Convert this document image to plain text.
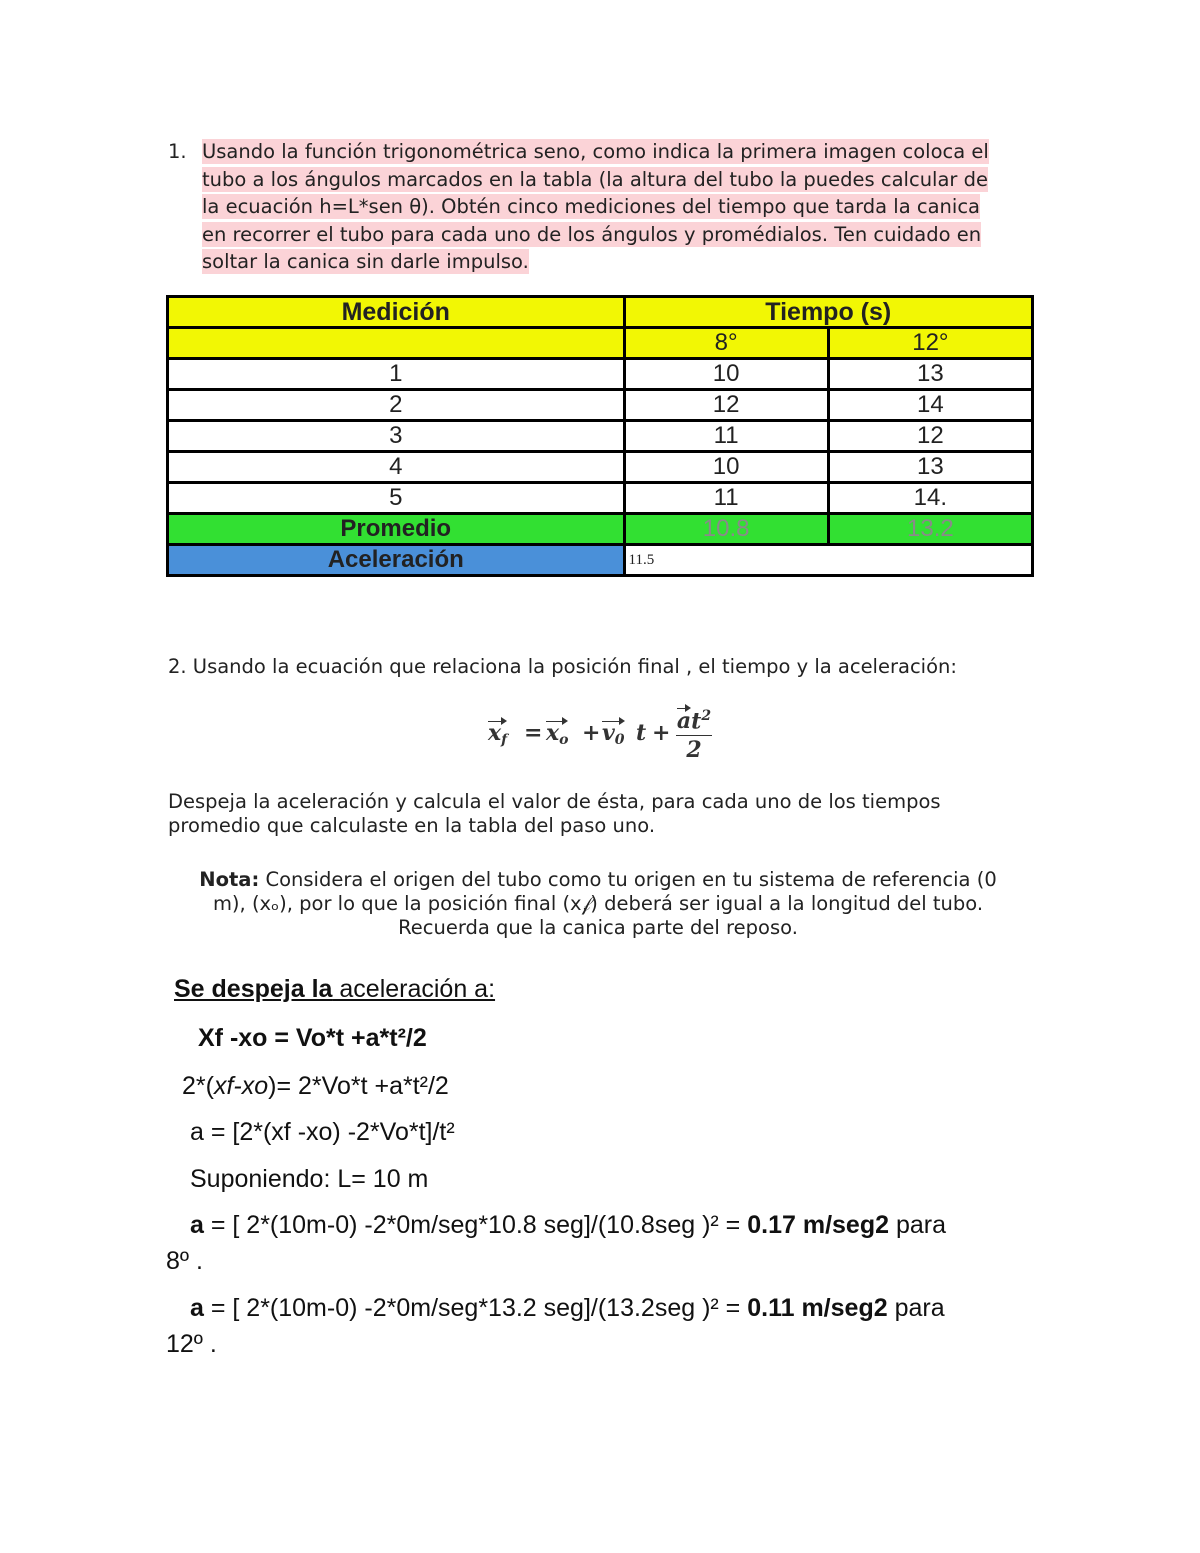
1. Usando la función trigonométrica seno, como indica la primera imagen coloca el
tubo a los ángulos marcados en la tabla (la altura del tubo la puedes calcular de
la ecuación h=L*sen θ). Obtén cinco mediciones del tiempo que tarda la canica
en recorrer el tubo para cada uno de los ángulos y promédialos. Ten cuidado en
soltar la canica sin darle impulso.
Medición	Tiempo (s)	
	8°	12°
1	10	13
2	12	14
3	11	12
4	10	13
5	11	14.
Promedio	10.8	13.2
Aceleración	11.5	
2. Usando la ecuación que relaciona la posición final , el tiempo y la aceleración:
$x_f = x_o + v_0$ $t + \frac{at^2}{2}$
Despeja la aceleración y calcula el valor de ésta, para cada uno de los tiempos
promedio que calculaste en la tabla del paso uno.
Nota: Considera el origen del tubo como tu origen en tu sistema de referencia (0
m), (xₒ), por lo que la posición final (x𝒻) deberá ser igual a la longitud del tubo.
Recuerda que la canica parte del reposo.
Se despeja la aceleración a:
Xf -xo = Vo*t +a*t²/2
2*(xf-xo)= 2*Vo*t +a*t²/2
a = [2*(xf -xo) -2*Vo*t]/t²
Suponiendo: L= 10 m
a = [ 2*(10m-0) -2*0m/seg*10.8 seg]/(10.8seg )² = 0.17 m/seg2 para
8º .
a = [ 2*(10m-0) -2*0m/seg*13.2 seg]/(13.2seg )² = 0.11 m/seg2 para
12º .
